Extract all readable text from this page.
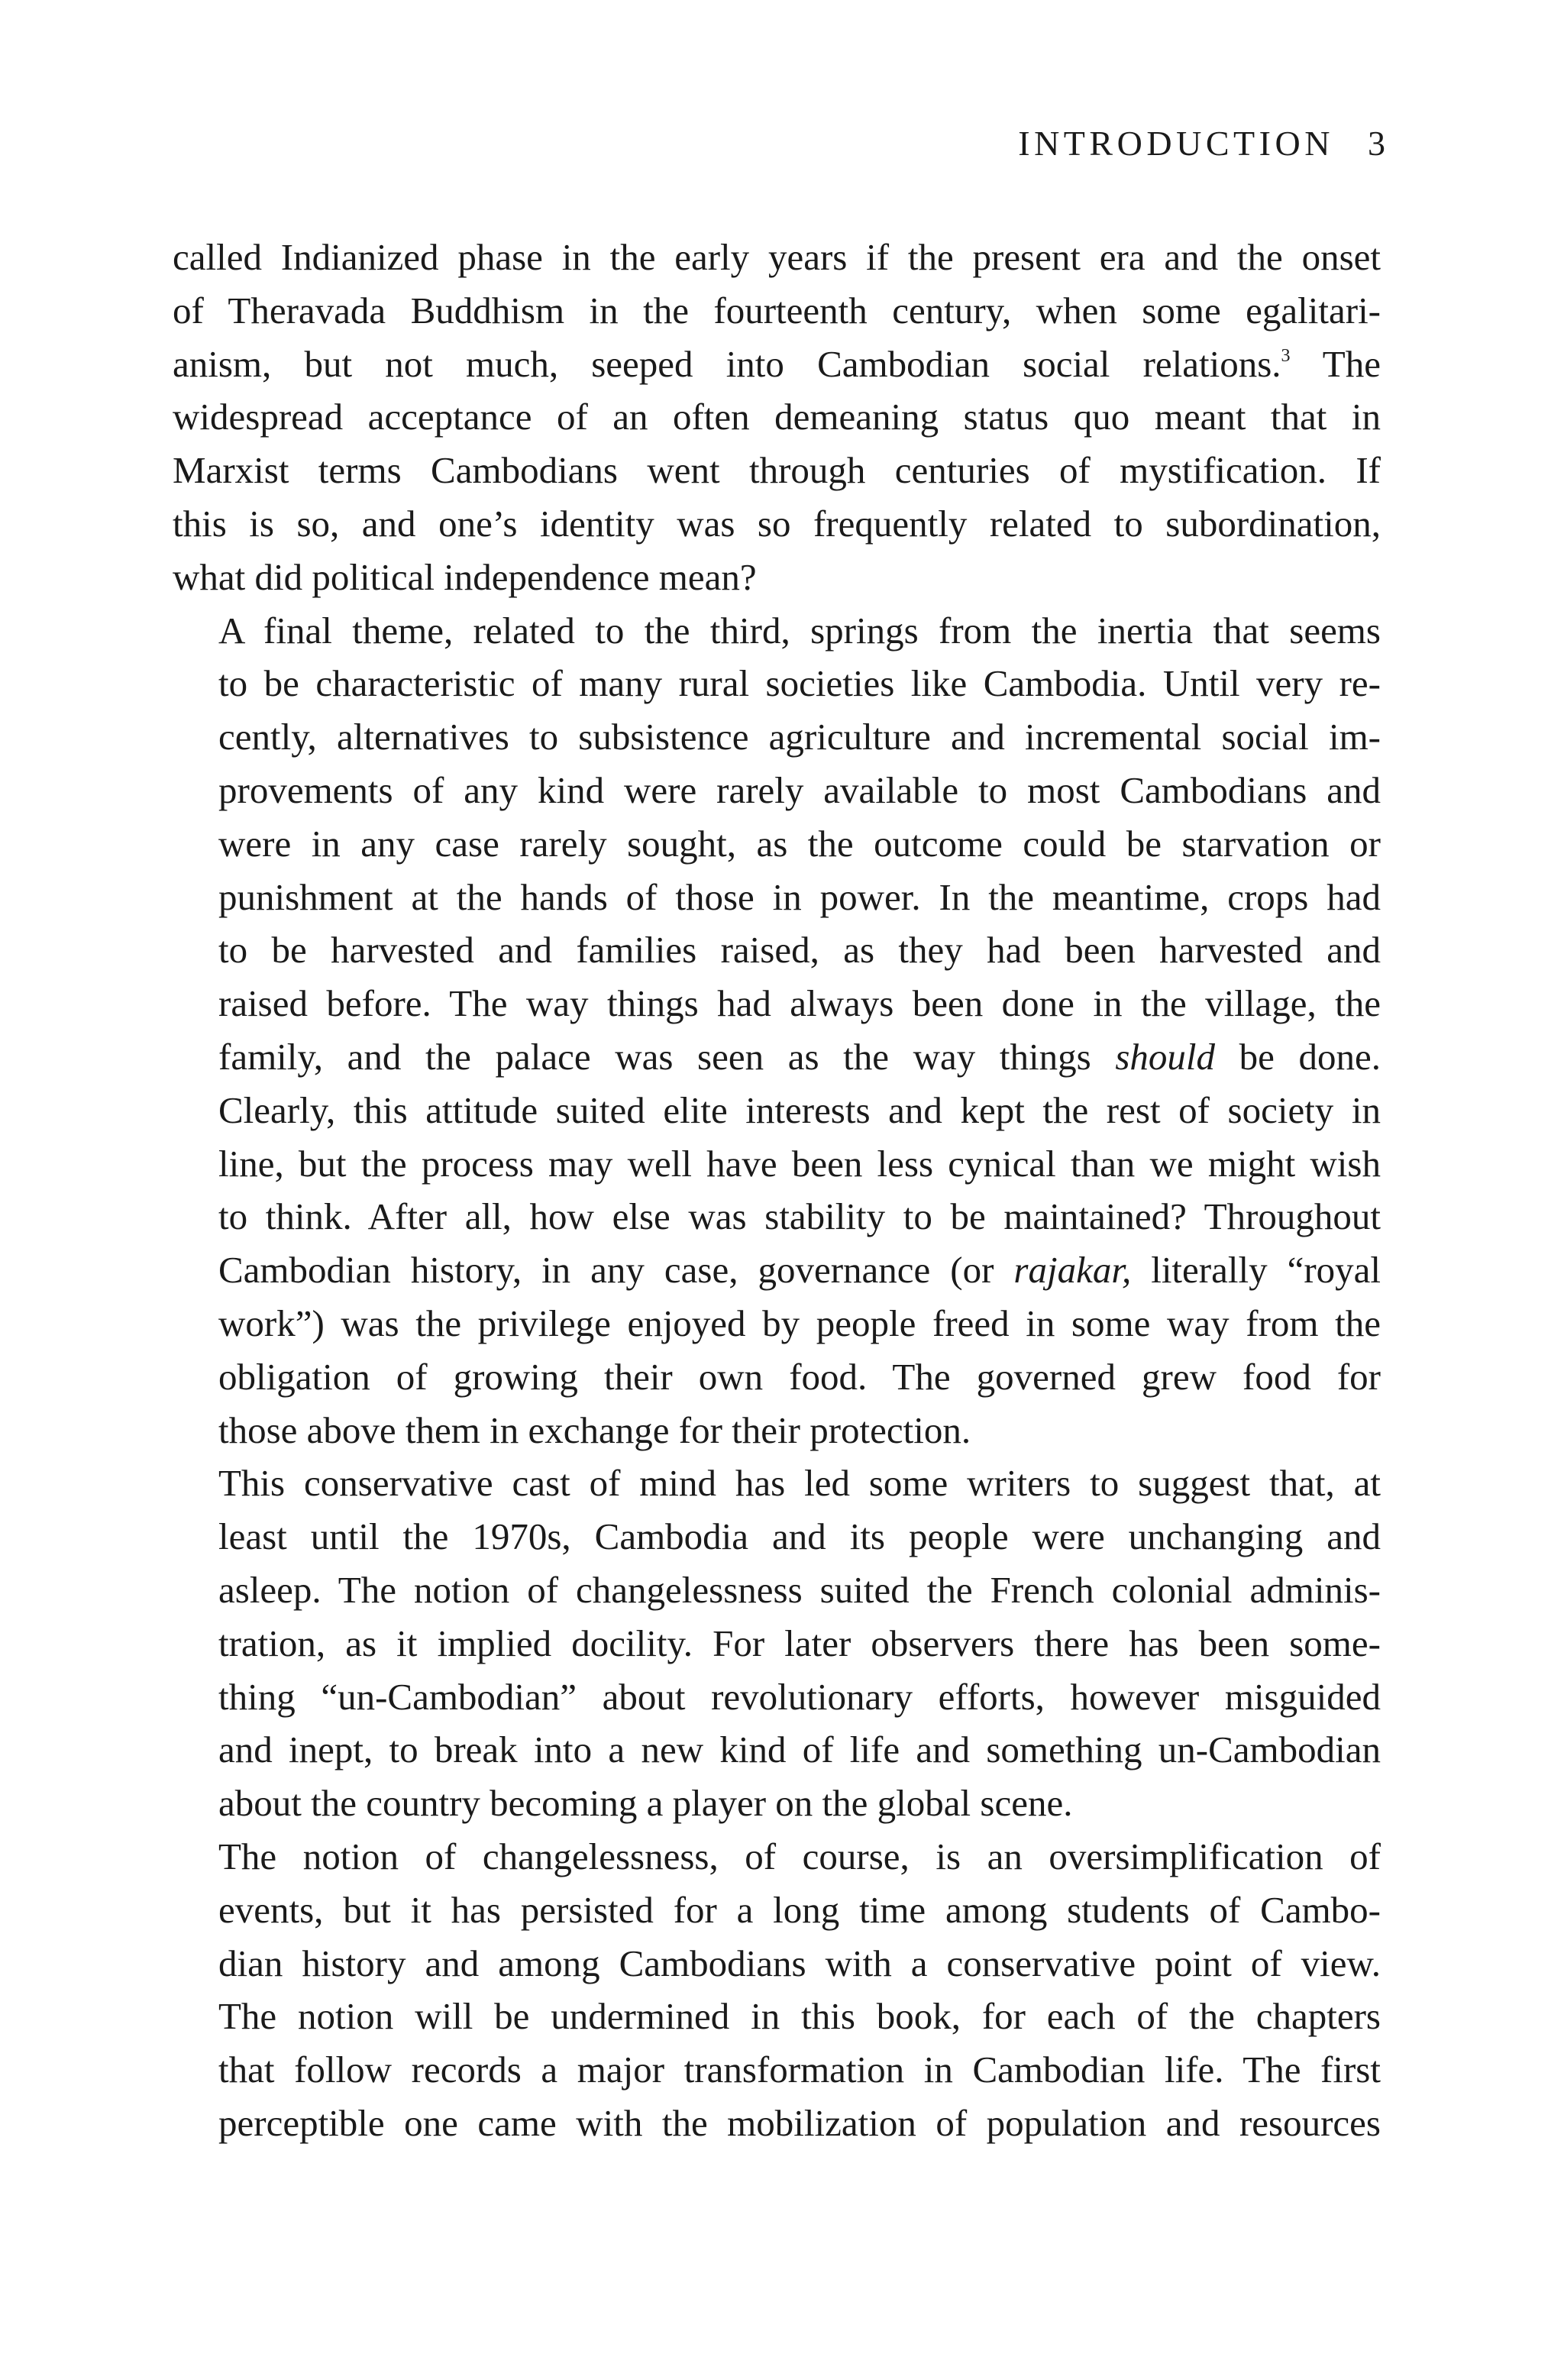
INTRODUCTION 3

called Indianized phase in the early years if the present era and the onset
of Theravada Buddhism in the fourteenth century, when some egalitari-
anism, but not much, seeped into Cambodian social relations.$^3$ The
widespread acceptance of an often demeaning status quo meant that in
Marxist terms Cambodians went through centuries of mystification. If
this is so, and one’s identity was so frequently related to subordination,
what did political independence mean?

A final theme, related to the third, springs from the inertia that seems
to be characteristic of many rural societies like Cambodia. Until very re-
cently, alternatives to subsistence agriculture and incremental social im-
provements of any kind were rarely available to most Cambodians and
were in any case rarely sought, as the outcome could be starvation or
punishment at the hands of those in power. In the meantime, crops had
to be harvested and families raised, as they had been harvested and
raised before. The way things had always been done in the village, the
family, and the palace was seen as the way things should be done.
Clearly, this attitude suited elite interests and kept the rest of society in
line, but the process may well have been less cynical than we might wish
to think. After all, how else was stability to be maintained? Throughout
Cambodian history, in any case, governance (or rajakar, literally “royal
work”) was the privilege enjoyed by people freed in some way from the
obligation of growing their own food. The governed grew food for
those above them in exchange for their protection.

This conservative cast of mind has led some writers to suggest that, at
least until the 1970s, Cambodia and its people were unchanging and
asleep. The notion of changelessness suited the French colonial adminis-
tration, as it implied docility. For later observers there has been some-
thing “un-Cambodian” about revolutionary efforts, however misguided
and inept, to break into a new kind of life and something un-Cambodian
about the country becoming a player on the global scene.

The notion of changelessness, of course, is an oversimplification of
events, but it has persisted for a long time among students of Cambo-
dian history and among Cambodians with a conservative point of view.
The notion will be undermined in this book, for each of the chapters
that follow records a major transformation in Cambodian life. The first
perceptible one came with the mobilization of population and resources
